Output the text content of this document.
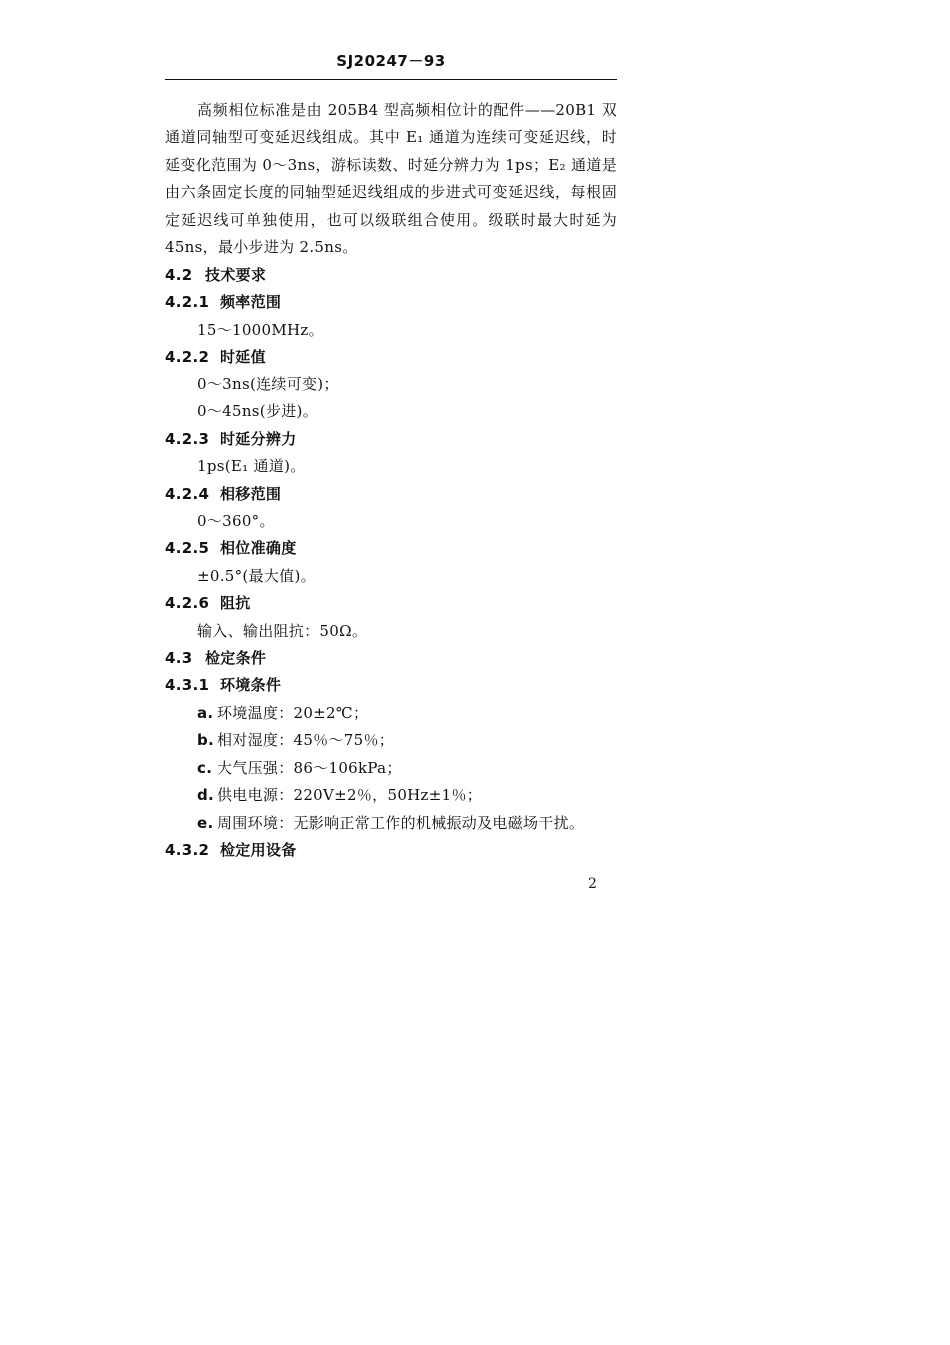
SJ20247－93

高频相位标准是由 205B4 型高频相位计的配件——20B1 双通道同轴型可变延迟线组成。其中 E₁ 通道为连续可变延迟线，时延变化范围为 0～3ns，游标读数、时延分辨力为 1ps；E₂ 通道是由六条固定长度的同轴型延迟线组成的步进式可变延迟线，每根固定延迟线可单独使用，也可以级联组合使用。级联时最大时延为 45ns，最小步进为 2.5ns。

4.2 技术要求
4.2.1 频率范围
15～1000MHz。
4.2.2 时延值
0～3ns(连续可变)；
0～45ns(步进)。
4.2.3 时延分辨力
1ps(E₁ 通道)。
4.2.4 相移范围
0～360°。
4.2.5 相位准确度
±0.5°(最大值)。
4.2.6 阻抗
输入、输出阻抗：50Ω。
4.3 检定条件
4.3.1 环境条件
a. 环境温度：20±2℃；
b. 相对湿度：45％～75％；
c. 大气压强：86～106kPa；
d. 供电电源：220V±2％，50Hz±1％；
e. 周围环境：无影响正常工作的机械振动及电磁场干扰。
4.3.2 检定用设备
2
